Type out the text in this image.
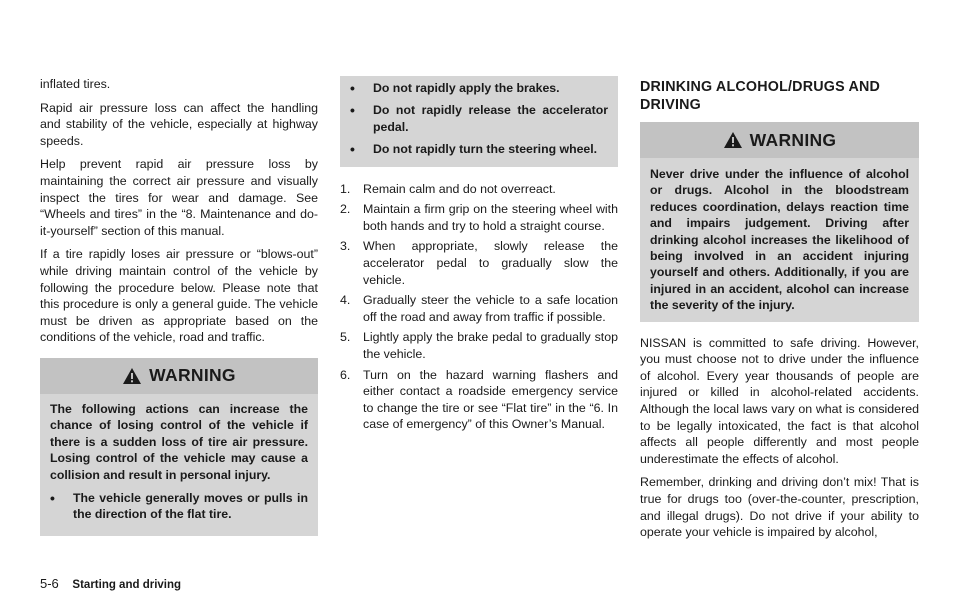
inflated tires.

Rapid air pressure loss can affect the handling and stability of the vehicle, especially at highway speeds.

Help prevent rapid air pressure loss by maintaining the correct air pressure and visually inspect the tires for wear and damage. See “Wheels and tires” in the “8. Maintenance and do-it-yourself” section of this manual.

If a tire rapidly loses air pressure or “blows-out” while driving maintain control of the vehicle by following the procedure below. Please note that this procedure is only a general guide. The vehicle must be driven as appropriate based on the conditions of the vehicle, road and traffic.

WARNING

The following actions can increase the chance of losing control of the vehicle if there is a sudden loss of tire air pressure. Losing control of the vehicle may cause a collision and result in personal injury.

• The vehicle generally moves or pulls in the direction of the flat tire.
• Do not rapidly apply the brakes.
• Do not rapidly release the accelerator pedal.
• Do not rapidly turn the steering wheel.
1. Remain calm and do not overreact.
2. Maintain a firm grip on the steering wheel with both hands and try to hold a straight course.
3. When appropriate, slowly release the accelerator pedal to gradually slow the vehicle.
4. Gradually steer the vehicle to a safe location off the road and away from traffic if possible.
5. Lightly apply the brake pedal to gradually stop the vehicle.
6. Turn on the hazard warning flashers and either contact a roadside emergency service to change the tire or see “Flat tire” in the “6. In case of emergency” of this Owner’s Manual.
DRINKING ALCOHOL/DRUGS AND DRIVING
WARNING

Never drive under the influence of alcohol or drugs. Alcohol in the bloodstream reduces coordination, delays reaction time and impairs judgement. Driving after drinking alcohol increases the likelihood of being involved in an accident injuring yourself and others. Additionally, if you are injured in an accident, alcohol can increase the severity of the injury.

NISSAN is committed to safe driving. However, you must choose not to drive under the influence of alcohol. Every year thousands of people are injured or killed in alcohol-related accidents. Although the local laws vary on what is considered to be legally intoxicated, the fact is that alcohol affects all people differently and most people underestimate the effects of alcohol.

Remember, drinking and driving don’t mix! That is true for drugs too (over-the-counter, prescription, and illegal drugs). Do not drive if your ability to operate your vehicle is impaired by alcohol,

5-6 Starting and driving
